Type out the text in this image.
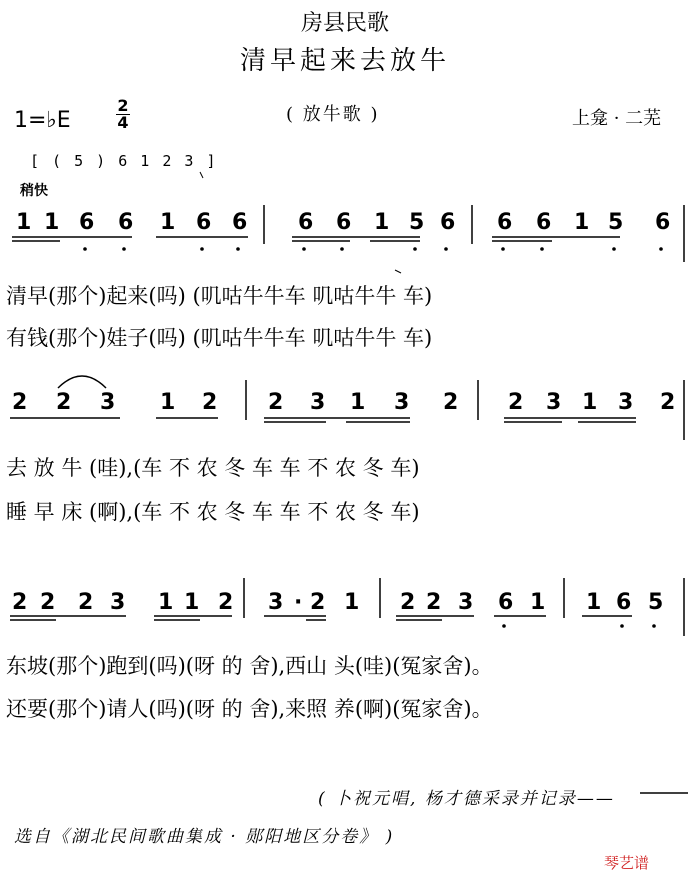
房县民歌
清早起来去放牛
1=♭E
2
4	( 放牛歌 )	上龛 · 二芜
[ ( 5 ) 6 1 2 3 ]
稍快
1 1 6 6 1 6 6 6 6 1 5 6 6 6 1 5 6
清早(那个)起来(吗) (叽咕牛牛车 叽咕牛牛 车)
有钱(那个)娃子(吗) (叽咕牛牛车 叽咕牛牛 车)
2 2 3 1 2 2 3 1 3 2 2 3 1 3 2
去 放 牛 (哇),(车 不 农 冬 车 车 不 农 冬 车)
睡 早 床 (啊),(车 不 农 冬 车 车 不 农 冬 车)
2 2 2 3 1 1 2 3 · 2 1 2 2 3 6 1 1 6 5
东坡(那个)跑到(吗)(呀 的 舍),西山 头(哇)(冤家舍)。
还要(那个)请人(吗)(呀 的 舍),来照 养(啊)(冤家舍)。
( 卜祝元唱, 杨才德采录并记录——
选自《湖北民间歌曲集成 · 郧阳地区分卷》 )
琴艺谱
